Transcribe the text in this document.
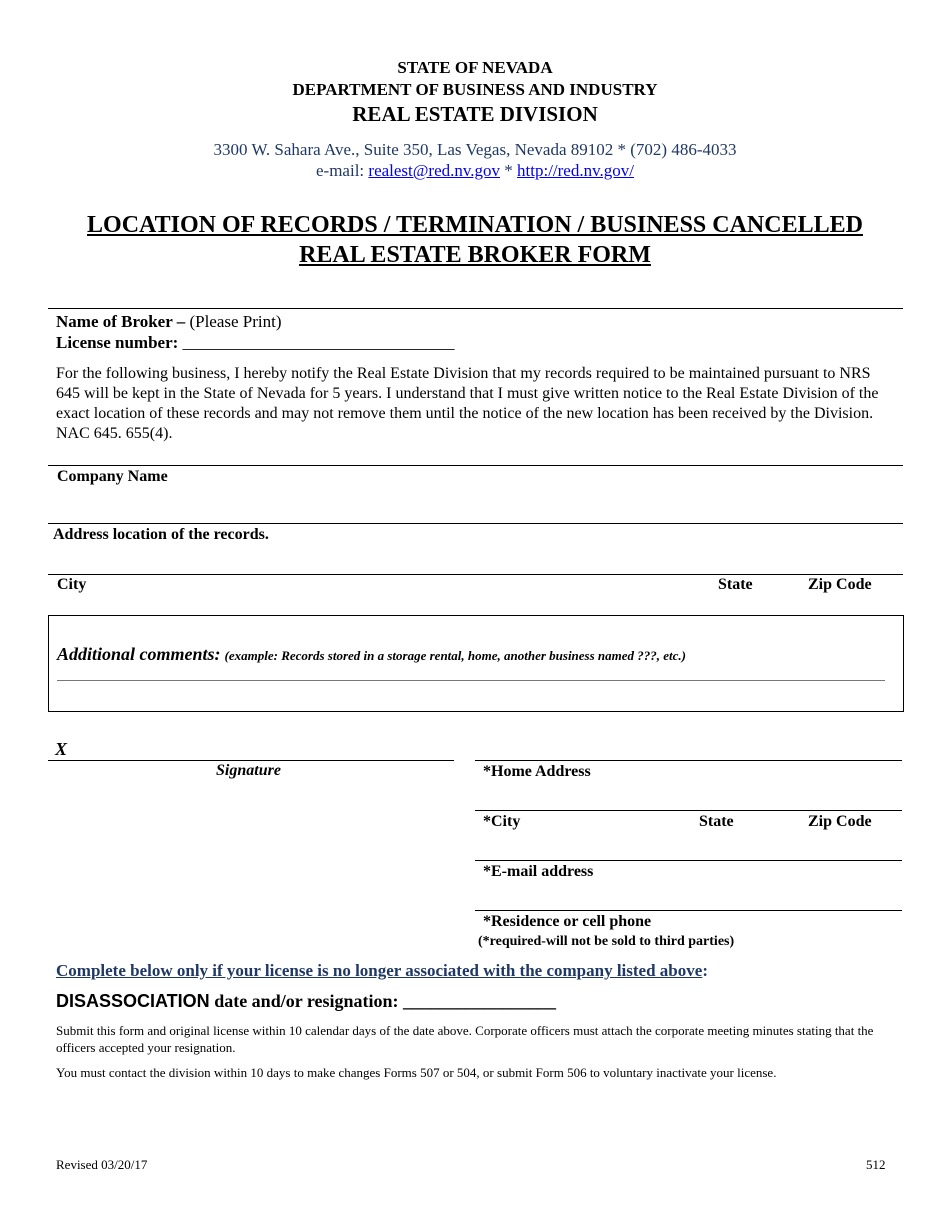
STATE OF NEVADA
DEPARTMENT OF BUSINESS AND INDUSTRY
REAL ESTATE DIVISION
3300 W. Sahara Ave., Suite 350, Las Vegas, Nevada 89102 * (702) 486-4033
e-mail: realest@red.nv.gov * http://red.nv.gov/
LOCATION OF RECORDS / TERMINATION / BUSINESS CANCELLED
REAL ESTATE BROKER FORM
Name of Broker – (Please Print)
License number: ________________________________
For the following business, I hereby notify the Real Estate Division that my records required to be maintained pursuant to NRS 645 will be kept in the State of Nevada for 5 years. I understand that I must give written notice to the Real Estate Division of the exact location of these records and may not remove them until the notice of the new location has been received by the Division. NAC 645. 655(4).
Company Name
Address location of the records.
City	State	Zip Code
Additional comments: (example: Records stored in a storage rental, home, another business named ???, etc.)
X
Signature	*Home Address
*City	State	Zip Code
*E-mail address
*Residence or cell phone
(*required-will not be sold to third parties)
Complete below only if your license is no longer associated with the company listed above:
DISASSOCIATION date and/or resignation: _________________
Submit this form and original license within 10 calendar days of the date above. Corporate officers must attach the corporate meeting minutes stating that the officers accepted your resignation.
You must contact the division within 10 days to make changes Forms 507 or 504, or submit Form 506 to voluntary inactivate your license.
Revised 03/20/17	512
